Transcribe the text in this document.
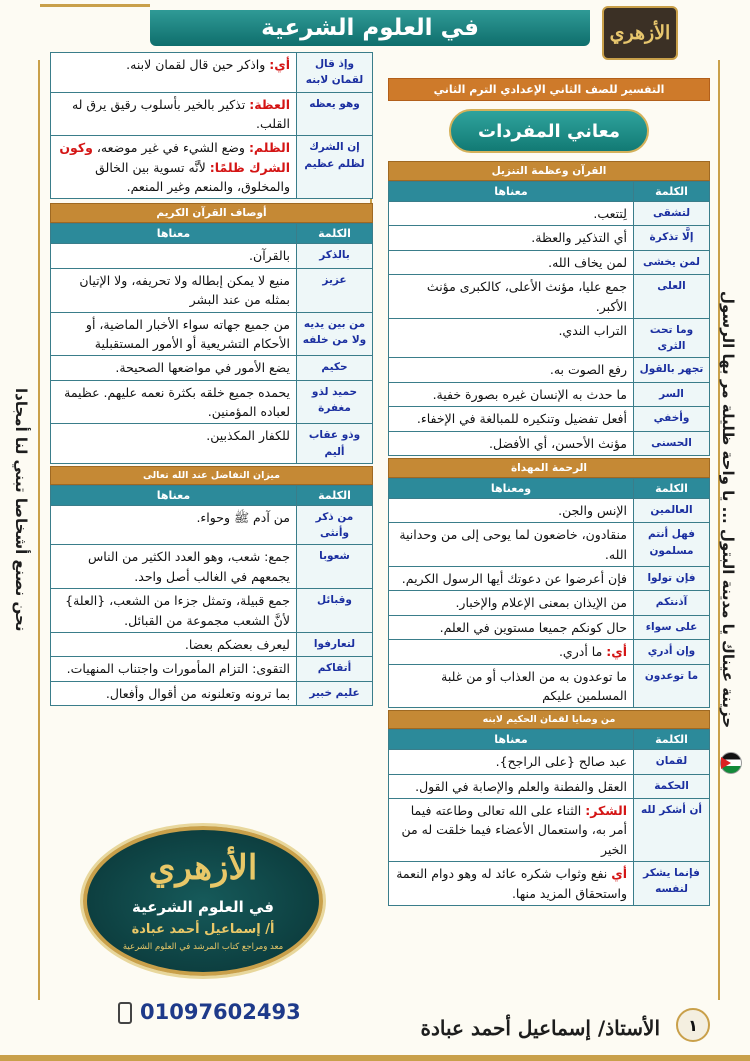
في العلوم الشرعية	الأزهري
حزينة عيناك يا مدينة البتول ... يا واحة ظليلة مر بها الرسول
نحن نصنع أشخاصا تبني لنا أمجادا
التفسير للصف الثاني الإعدادي الترم الثاني
معاني المفردات
القرآن وعظمة التنزيل
الكلمة	معناها
لتشقى	لِتتعب.
إلَّا تذكرة	أي التذكير والعظة.
لمن يخشى	لمن يخاف الله.
العلى	جمع عليا، مؤنث الأعلى، كالكبرى مؤنث الأكبر.
وما تحت الثرى	التراب الندي.
تجهر بالقول	رفع الصوت به.
السر	ما حدث به الإنسان غيره بصورة خفية.
وأخفي	أفعل تفضيل وتنكيره للمبالغة في الإخفاء.
الحسنى	مؤنث الأحسن، أي الأفضل.
الرحمة المهداة
الكلمة	ومعناها
العالمين	الإنس والجن.
فهل أنتم مسلمون	منقادون، خاضعون لما يوحى إلى من وحدانية الله.
فإن تولوا	فإن أعرضوا عن دعوتك أيها الرسول الكريم.
آذنتكم	من الإيذان بمعنى الإعلام والإخبار.
على سواء	حال كونكم جميعا مستوين في العلم.
وإن أدري	أي: ما أدري.
ما توعدون	ما توعدون به من العذاب أو من غلبة المسلمين عليكم
من وصايا لقمان الحكيم لابنه
الكلمة	معناها
لقمان	عبد صالح {على الراجح}.
الحكمة	العقل والفطنة والعلم والإصابة في القول.
أن أشكر لله	الشكر: الثناء على الله تعالى وطاعته فيما أمر به، واستعمال الأعضاء فيما خلقت له من الخير
فإنما يشكر لنفسه	أي نفع وثواب شكره عائد له وهو دوام النعمة واستحقاق المزيد منها.
وإذ قال لقمان لابنه	أي: واذكر حين قال لقمان لابنه.
وهو يعظه	العظة: تذكير بالخير بأسلوب رقيق يرق له القلب.
إن الشرك لظلم عظيم	الظلم: وضع الشيء في غير موضعه، وكون الشرك ظلمًا: لأنَّه تسوية بين الخالق والمخلوق، والمنعم وغير المنعم.
أوصاف القرآن الكريم
الكلمة	معناها
بالذكر	بالقرآن.
عزيز	منيع لا يمكن إبطاله ولا تحريفه، ولا الإتيان بمثله من عند البشر
من بين يديه ولا من خلفه	من جميع جهاته سواء الأخبار الماضية، أو الأحكام التشريعية أو الأمور المستقبلية
حكيم	يضع الأمور في مواضعها الصحيحة.
حميد لذو مغفرة	يحمده جميع خلقه بكثرة نعمه عليهم. عظيمة لعباده المؤمنين.
وذو عقاب أليم	للكفار المكذبين.
ميزان التفاضل عند الله تعالى
الكلمة	معناها
من ذكر وأنثى	من آدم ﷺ وحواء.
شعوبا	جمع: شعب، وهو العدد الكثير من الناس يجمعهم في الغالب أصل واحد.
وقبائل	جمع قبيلة، وتمثل جزءا من الشعب، {العلة} لأنَّ الشعب مجموعة من القبائل.
لتعارفوا	ليعرف بعضكم بعضا.
أتقاكم	التقوى: التزام المأمورات واجتناب المنهيات.
عليم خبير	بما ترونه وتعلنونه من أقوال وأفعال.
الأزهري
في العلوم الشرعية
أ/ إسماعيل أحمد عبادة
معد ومراجع كتاب المرشد في العلوم الشرعية
01097602493
الأستاذ/ إسماعيل أحمد عبادة	١
